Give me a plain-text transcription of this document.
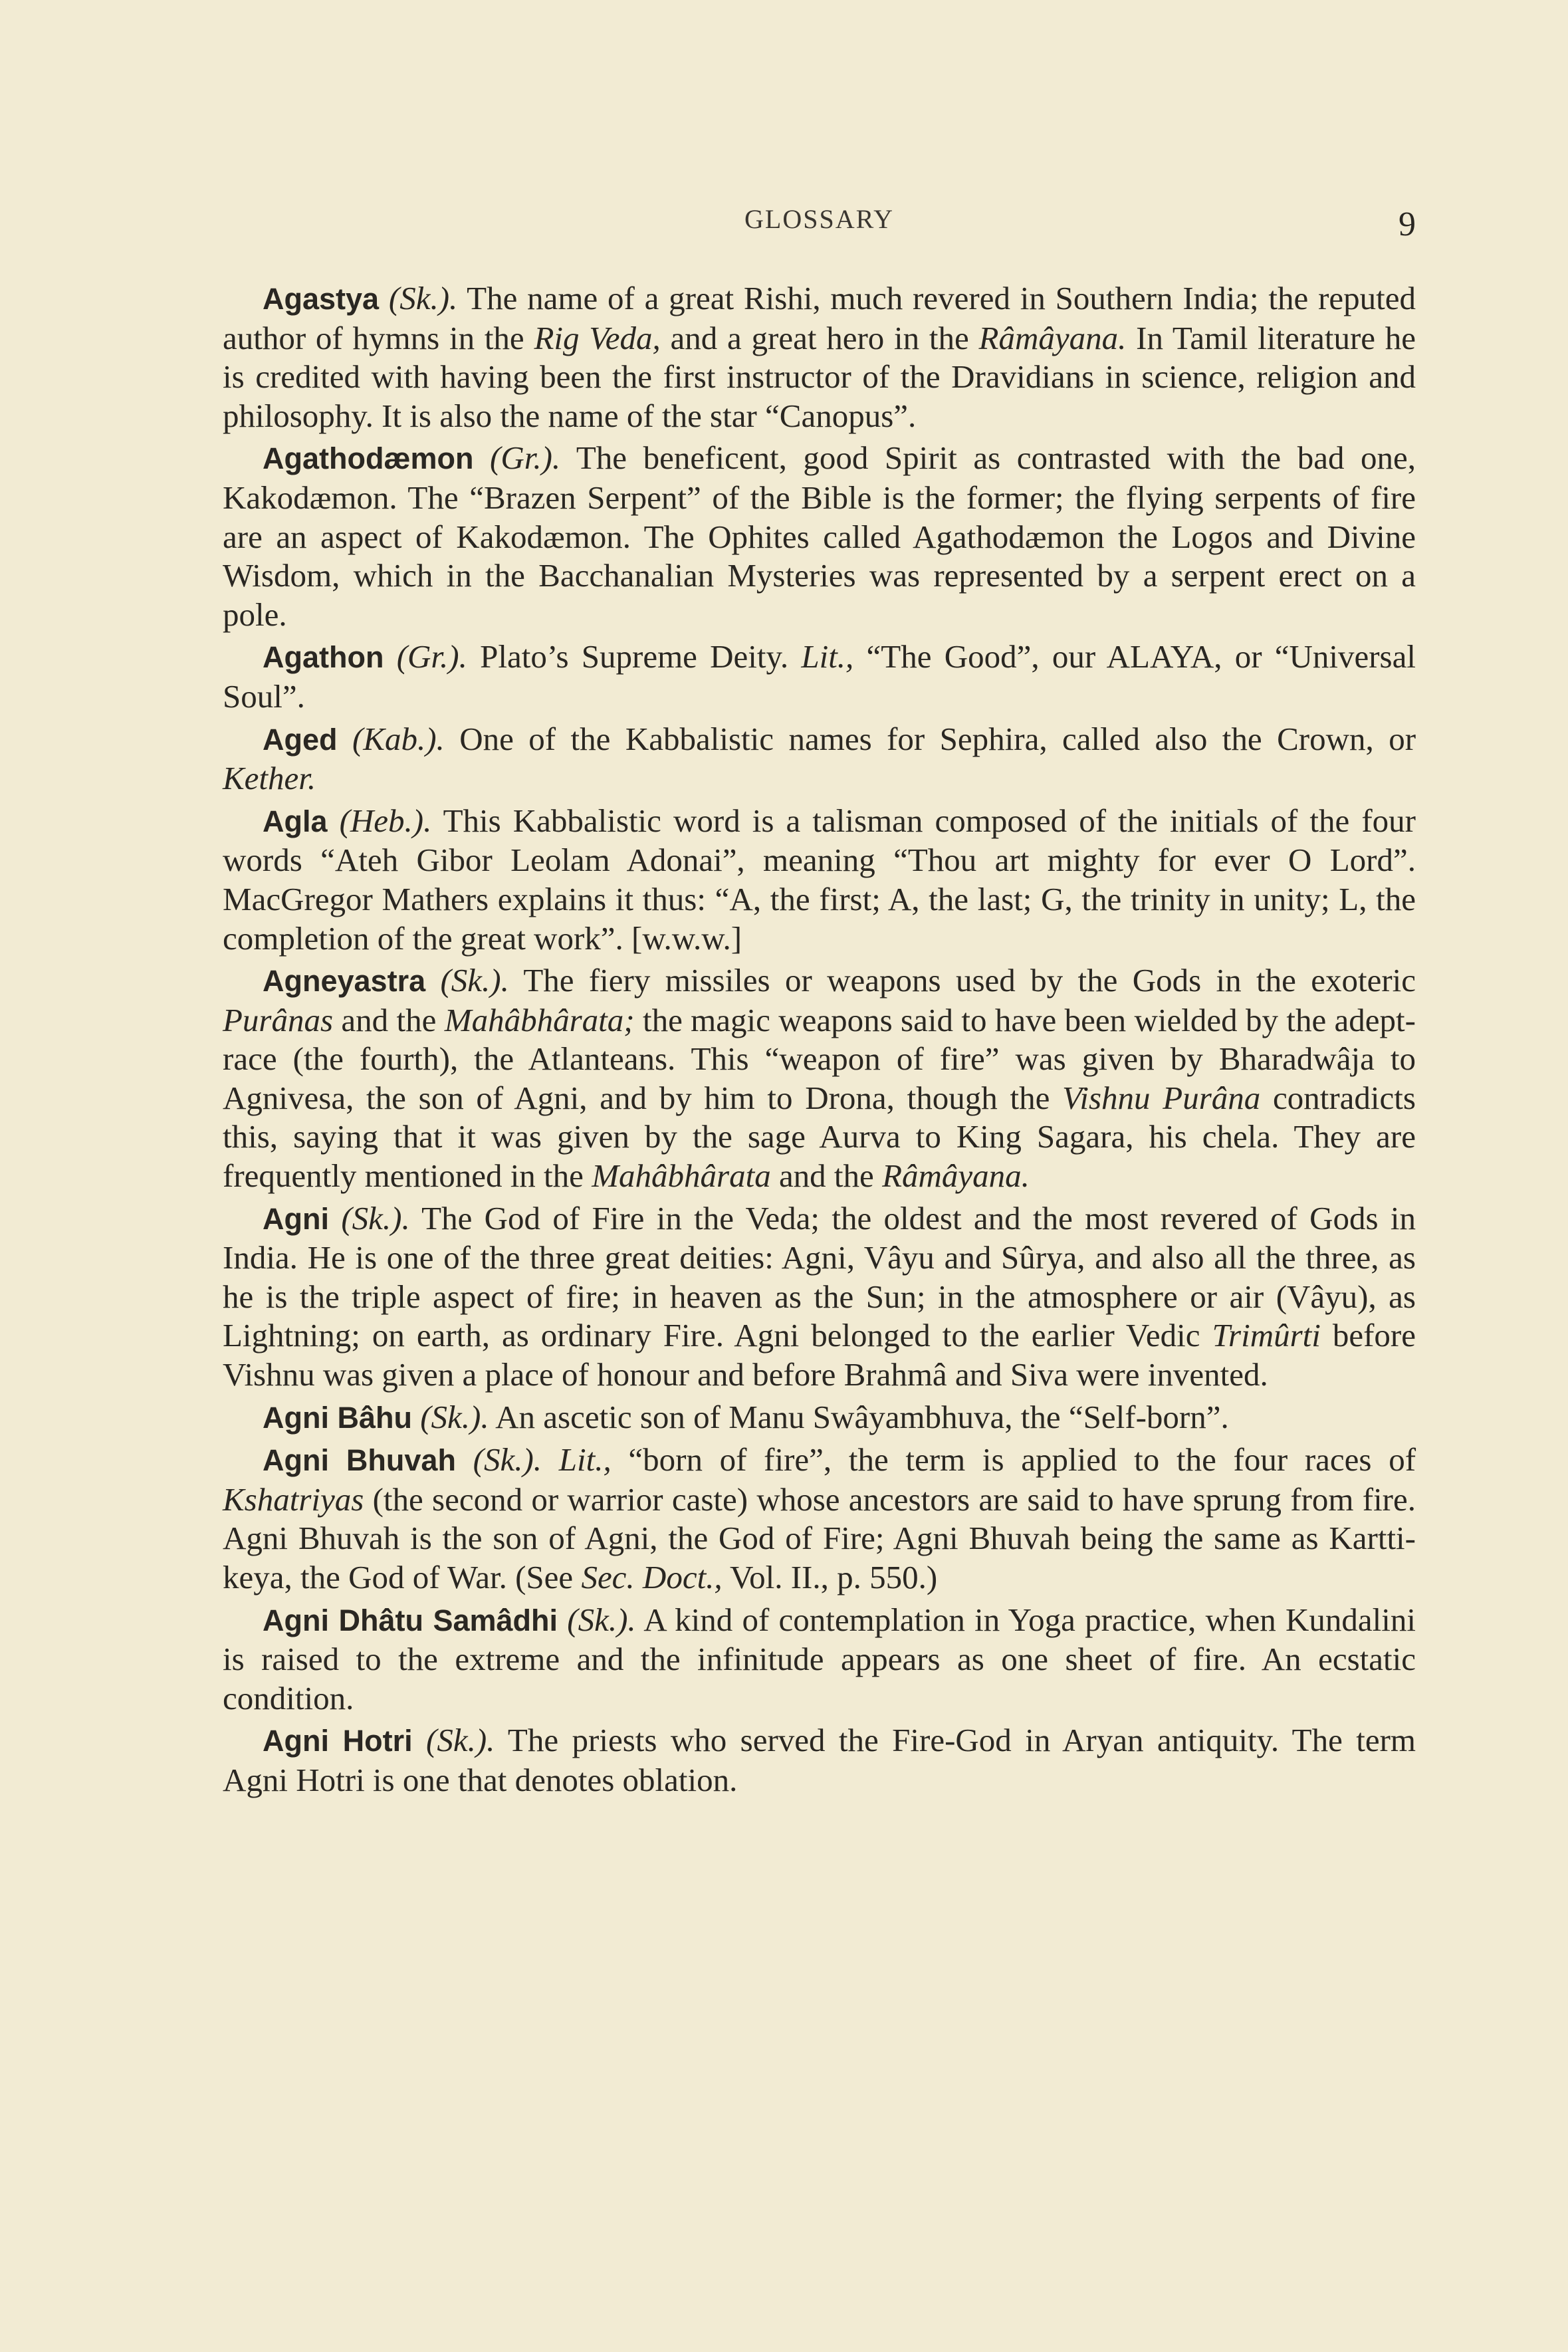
GLOSSARY	9

Agastya (Sk.). The name of a great Rishi, much revered in Southern India; the reputed author of hymns in the Rig Veda, and a great hero in the Râmâyana. In Tamil literature he is credited with having been the first instructor of the Dravidians in science, religion and philosophy. It is also the name of the star “Canopus”.

Agathodæmon (Gr.). The beneficent, good Spirit as contrasted with the bad one, Kakodæmon. The “Brazen Serpent” of the Bible is the former; the flying serpents of fire are an aspect of Kakodæmon. The Ophites called Agathodæmon the Logos and Divine Wisdom, which in the Bacchanalian Mysteries was represented by a serpent erect on a pole.

Agathon (Gr.). Plato’s Supreme Deity. Lit., “The Good”, our ALAYA, or “Universal Soul”.

Aged (Kab.). One of the Kabbalistic names for Sephira, called also the Crown, or Kether.

Agla (Heb.). This Kabbalistic word is a talisman composed of the initials of the four words “Ateh Gibor Leolam Adonai”, meaning “Thou art mighty for ever O Lord”. MacGregor Mathers explains it thus: “A, the first; A, the last; G, the trinity in unity; L, the completion of the great work”. [w.w.w.]

Agneyastra (Sk.). The fiery missiles or weapons used by the Gods in the exoteric Purânas and the Mahâbhârata; the magic weapons said to have been wielded by the adept-race (the fourth), the Atlanteans. This “weapon of fire” was given by Bharadwâja to Agnivesa, the son of Agni, and by him to Drona, though the Vishnu Purâna contradicts this, saying that it was given by the sage Aurva to King Sagara, his chela. They are frequently mentioned in the Mahâbhârata and the Râmâyana.

Agni (Sk.). The God of Fire in the Veda; the oldest and the most revered of Gods in India. He is one of the three great deities: Agni, Vâyu and Sûrya, and also all the three, as he is the triple aspect of fire; in heaven as the Sun; in the atmosphere or air (Vâyu), as Lightning; on earth, as ordinary Fire. Agni belonged to the earlier Vedic Trimûrti before Vishnu was given a place of honour and before Brahmâ and Siva were invented.

Agni Bâhu (Sk.). An ascetic son of Manu Swâyambhuva, the “Self-born”.

Agni Bhuvah (Sk.). Lit., “born of fire”, the term is applied to the four races of Kshatriyas (the second or warrior caste) whose ancestors are said to have sprung from fire. Agni Bhuvah is the son of Agni, the God of Fire; Agni Bhuvah being the same as Kartti-keya, the God of War. (See Sec. Doct., Vol. II., p. 550.)

Agni Dhâtu Samâdhi (Sk.). A kind of contemplation in Yoga practice, when Kundalini is raised to the extreme and the infinitude appears as one sheet of fire. An ecstatic condition.

Agni Hotri (Sk.). The priests who served the Fire-God in Aryan antiquity. The term Agni Hotri is one that denotes oblation.
